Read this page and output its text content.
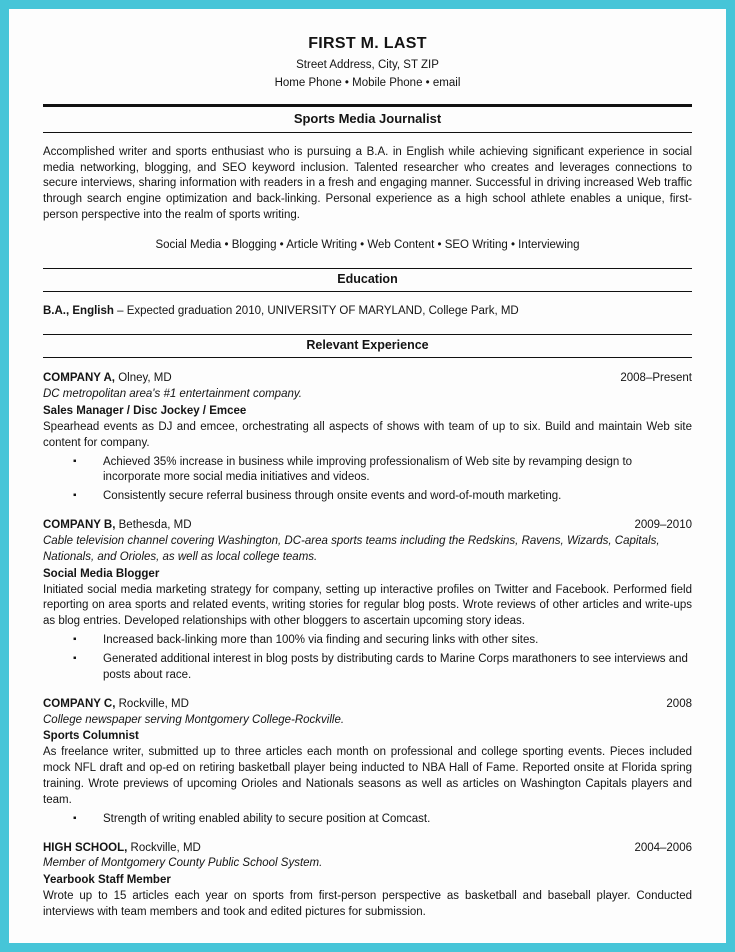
FIRST M. LAST
Street Address, City, ST ZIP
Home Phone • Mobile Phone • email
Sports Media Journalist

Accomplished writer and sports enthusiast who is pursuing a B.A. in English while achieving significant experience in social media networking, blogging, and SEO keyword inclusion. Talented researcher who creates and leverages connections to secure interviews, sharing information with readers in a fresh and engaging manner. Successful in driving increased Web traffic through search engine optimization and back-linking. Personal experience as a high school athlete enables a unique, first-person perspective into the realm of sports writing.

Social Media • Blogging • Article Writing • Web Content • SEO Writing • Interviewing

Education

B.A., English – Expected graduation 2010, UNIVERSITY OF MARYLAND, College Park, MD

Relevant Experience
COMPANY A, Olney, MD	2008–Present

DC metropolitan area's #1 entertainment company.

Sales Manager / Disc Jockey / Emcee

Spearhead events as DJ and emcee, orchestrating all aspects of shows with team of up to six. Build and maintain Web site content for company.

▪ Achieved 35% increase in business while improving professionalism of Web site by revamping design to incorporate more social media initiatives and videos.
▪ Consistently secure referral business through onsite events and word-of-mouth marketing.
COMPANY B, Bethesda, MD	2009–2010

Cable television channel covering Washington, DC-area sports teams including the Redskins, Ravens, Wizards, Capitals, Nationals, and Orioles, as well as local college teams.

Social Media Blogger

Initiated social media marketing strategy for company, setting up interactive profiles on Twitter and Facebook. Performed field reporting on area sports and related events, writing stories for regular blog posts. Wrote reviews of other articles and write-ups as blog entries. Developed relationships with other bloggers to ascertain upcoming story ideas.

▪ Increased back-linking more than 100% via finding and securing links with other sites.
▪ Generated additional interest in blog posts by distributing cards to Marine Corps marathoners to see interviews and posts about race.
COMPANY C, Rockville, MD	2008

College newspaper serving Montgomery College-Rockville.

Sports Columnist

As freelance writer, submitted up to three articles each month on professional and college sporting events. Pieces included mock NFL draft and op-ed on retiring basketball player being inducted to NBA Hall of Fame. Reported onsite at Florida spring training. Wrote previews of upcoming Orioles and Nationals seasons as well as articles on Washington Capitals players and team.

▪ Strength of writing enabled ability to secure position at Comcast.
HIGH SCHOOL, Rockville, MD	2004–2006

Member of Montgomery County Public School System.

Yearbook Staff Member

Wrote up to 15 articles each year on sports from first-person perspective as basketball and baseball player. Conducted interviews with team members and took and edited pictures for submission.
